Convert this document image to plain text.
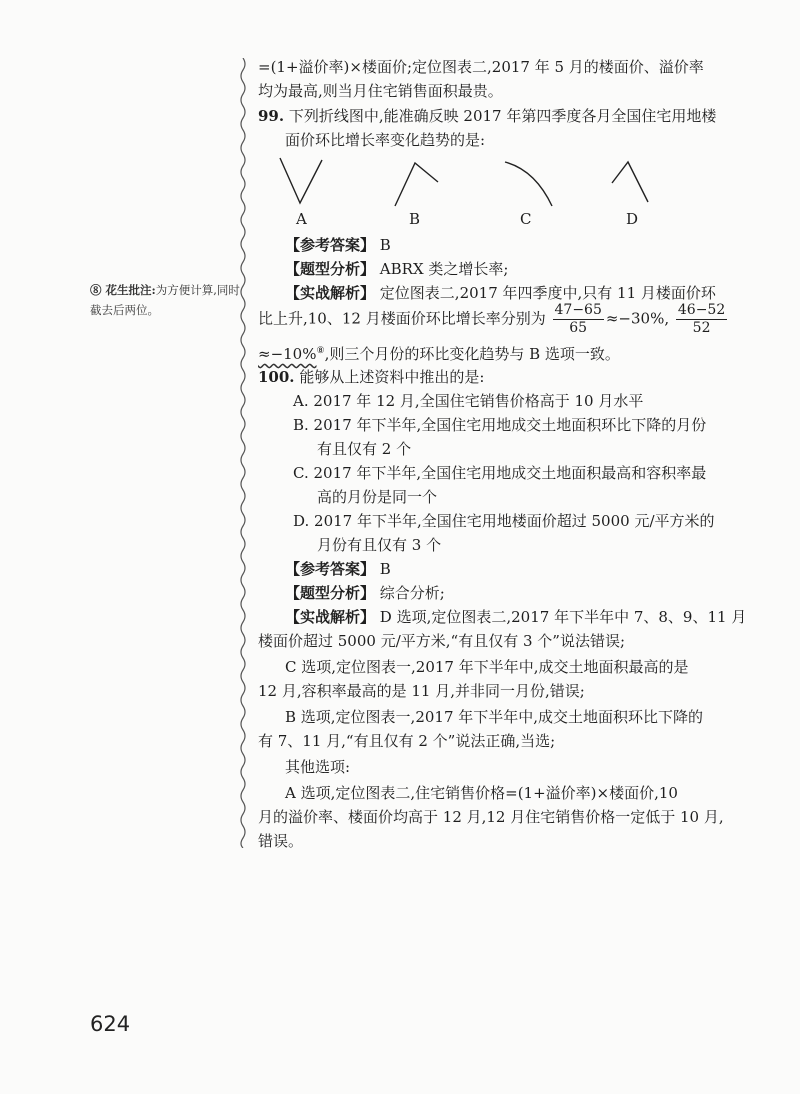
⑧ 花生批注:为方便计算,同时截去后两位。
=(1+溢价率)×楼面价;定位图表二,2017 年 5 月的楼面价、溢价率
均为最高,则当月住宅销售面积最贵。
99. 下列折线图中,能准确反映 2017 年第四季度各月全国住宅用地楼
面价环比增长率变化趋势的是:
A	B	C	D
【参考答案】 B
【题型分析】 ABRX 类之增长率;
【实战解析】 定位图表二,2017 年四季度中,只有 11 月楼面价环
比上升,10、12 月楼面价环比增长率分别为 $\frac{47-65}{65} \approx-30\%$, $\frac{46-52}{52}$
≈−10%⑧,则三个月份的环比变化趋势与 B 选项一致。
100. 能够从上述资料中推出的是:
A. 2017 年 12 月,全国住宅销售价格高于 10 月水平
B. 2017 年下半年,全国住宅用地成交土地面积环比下降的月份
有且仅有 2 个
C. 2017 年下半年,全国住宅用地成交土地面积最高和容积率最
高的月份是同一个
D. 2017 年下半年,全国住宅用地楼面价超过 5000 元/平方米的
月份有且仅有 3 个
【参考答案】 B
【题型分析】 综合分析;
【实战解析】 D 选项,定位图表二,2017 年下半年中 7、8、9、11 月
楼面价超过 5000 元/平方米,“有且仅有 3 个”说法错误;
C 选项,定位图表一,2017 年下半年中,成交土地面积最高的是
12 月,容积率最高的是 11 月,并非同一月份,错误;
B 选项,定位图表一,2017 年下半年中,成交土地面积环比下降的
有 7、11 月,“有且仅有 2 个”说法正确,当选;
其他选项:
A 选项,定位图表二,住宅销售价格=(1+溢价率)×楼面价,10
月的溢价率、楼面价均高于 12 月,12 月住宅销售价格一定低于 10 月,
错误。
624
